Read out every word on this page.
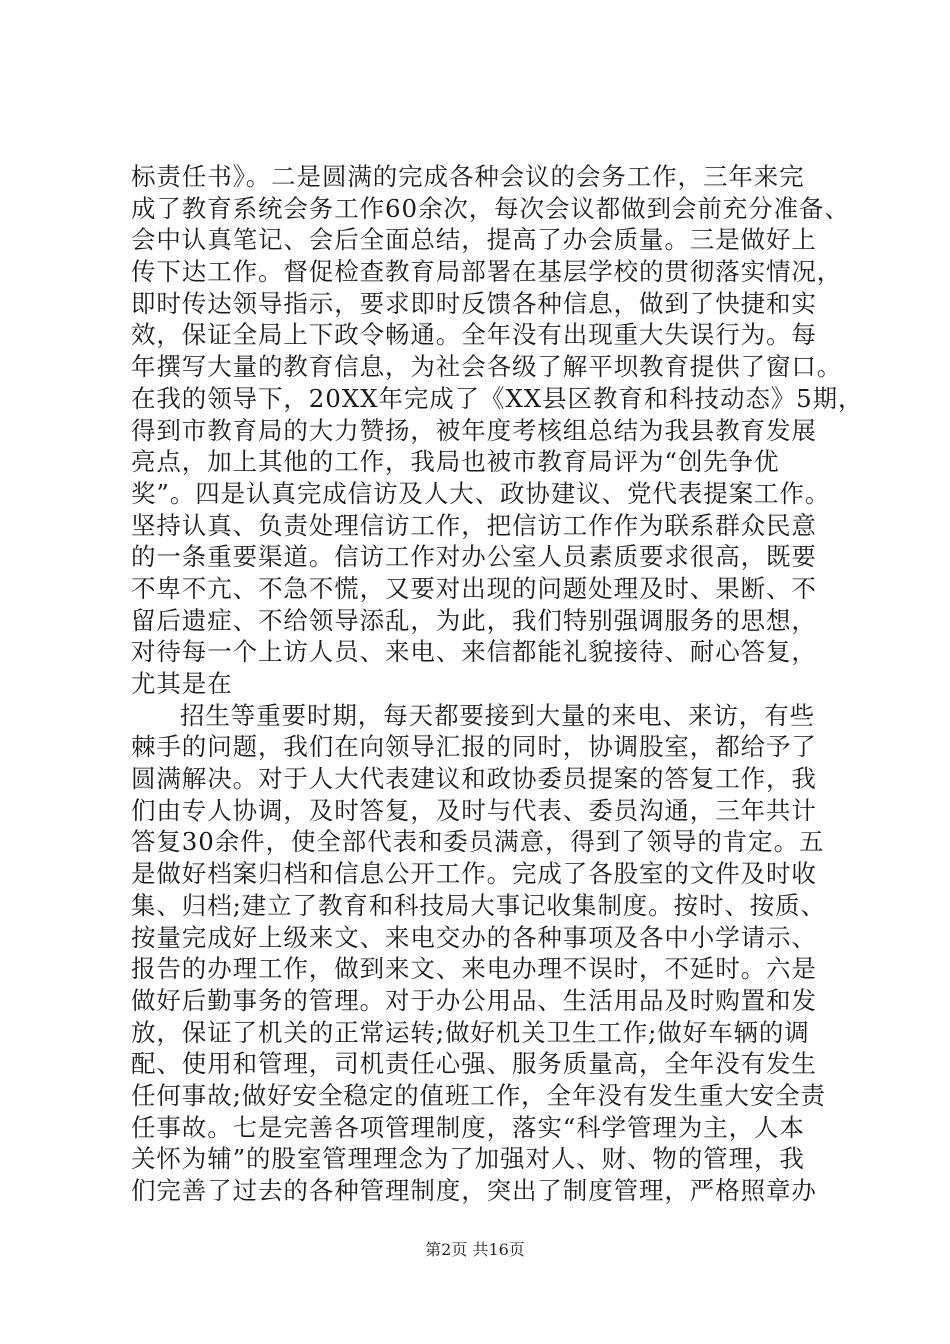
标责任书》。二是圆满的完成各种会议的会务工作，三年来完
成了教育系统会务工作60余次，每次会议都做到会前充分准备、
会中认真笔记、会后全面总结，提高了办会质量。三是做好上
传下达工作。督促检查教育局部署在基层学校的贯彻落实情况，
即时传达领导指示，要求即时反馈各种信息，做到了快捷和实
效，保证全局上下政令畅通。全年没有出现重大失误行为。每
年撰写大量的教育信息，为社会各级了解平坝教育提供了窗口。
在我的领导下，20XX年完成了《XX县区教育和科技动态》5期，
得到市教育局的大力赞扬，被年度考核组总结为我县教育发展
亮点，加上其他的工作，我局也被市教育局评为“创先争优
奖”。四是认真完成信访及人大、政协建议、党代表提案工作。
坚持认真、负责处理信访工作，把信访工作作为联系群众民意
的一条重要渠道。信访工作对办公室人员素质要求很高，既要
不卑不亢、不急不慌，又要对出现的问题处理及时、果断、不
留后遗症、不给领导添乱，为此，我们特别强调服务的思想，
对待每一个上访人员、来电、来信都能礼貌接待、耐心答复，
尤其是在
招生等重要时期，每天都要接到大量的来电、来访，有些
棘手的问题，我们在向领导汇报的同时，协调股室，都给予了
圆满解决。对于人大代表建议和政协委员提案的答复工作，我
们由专人协调，及时答复，及时与代表、委员沟通，三年共计
答复30余件，使全部代表和委员满意，得到了领导的肯定。五
是做好档案归档和信息公开工作。完成了各股室的文件及时收
集、归档;建立了教育和科技局大事记收集制度。按时、按质、
按量完成好上级来文、来电交办的各种事项及各中小学请示、
报告的办理工作，做到来文、来电办理不误时，不延时。六是
做好后勤事务的管理。对于办公用品、生活用品及时购置和发
放，保证了机关的正常运转;做好机关卫生工作;做好车辆的调
配、使用和管理，司机责任心强、服务质量高，全年没有发生
任何事故;做好安全稳定的值班工作，全年没有发生重大安全责
任事故。七是完善各项管理制度，落实“科学管理为主，人本
关怀为辅”的股室管理理念为了加强对人、财、物的管理，我
们完善了过去的各种管理制度，突出了制度管理，严格照章办
第2页 共16页
